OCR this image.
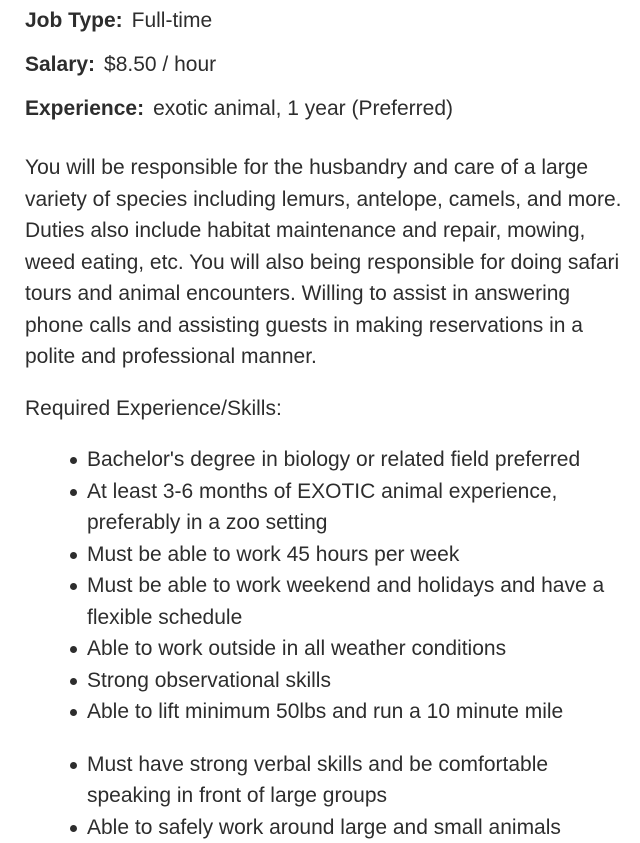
Job Type: Full-time
Salary: $8.50 / hour
Experience: exotic animal, 1 year (Preferred)

You will be responsible for the husbandry and care of a large variety of species including lemurs, antelope, camels, and more. Duties also include habitat maintenance and repair, mowing, weed eating, etc. You will also being responsible for doing safari tours and animal encounters. Willing to assist in answering phone calls and assisting guests in making reservations in a polite and professional manner.

Required Experience/Skills:

Bachelor's degree in biology or related field preferred
At least 3-6 months of EXOTIC animal experience, preferably in a zoo setting
Must be able to work 45 hours per week
Must be able to work weekend and holidays and have a flexible schedule
Able to work outside in all weather conditions
Strong observational skills
Able to lift minimum 50lbs and run a 10 minute mile
Must have strong verbal skills and be comfortable speaking in front of large groups
Able to safely work around large and small animals
